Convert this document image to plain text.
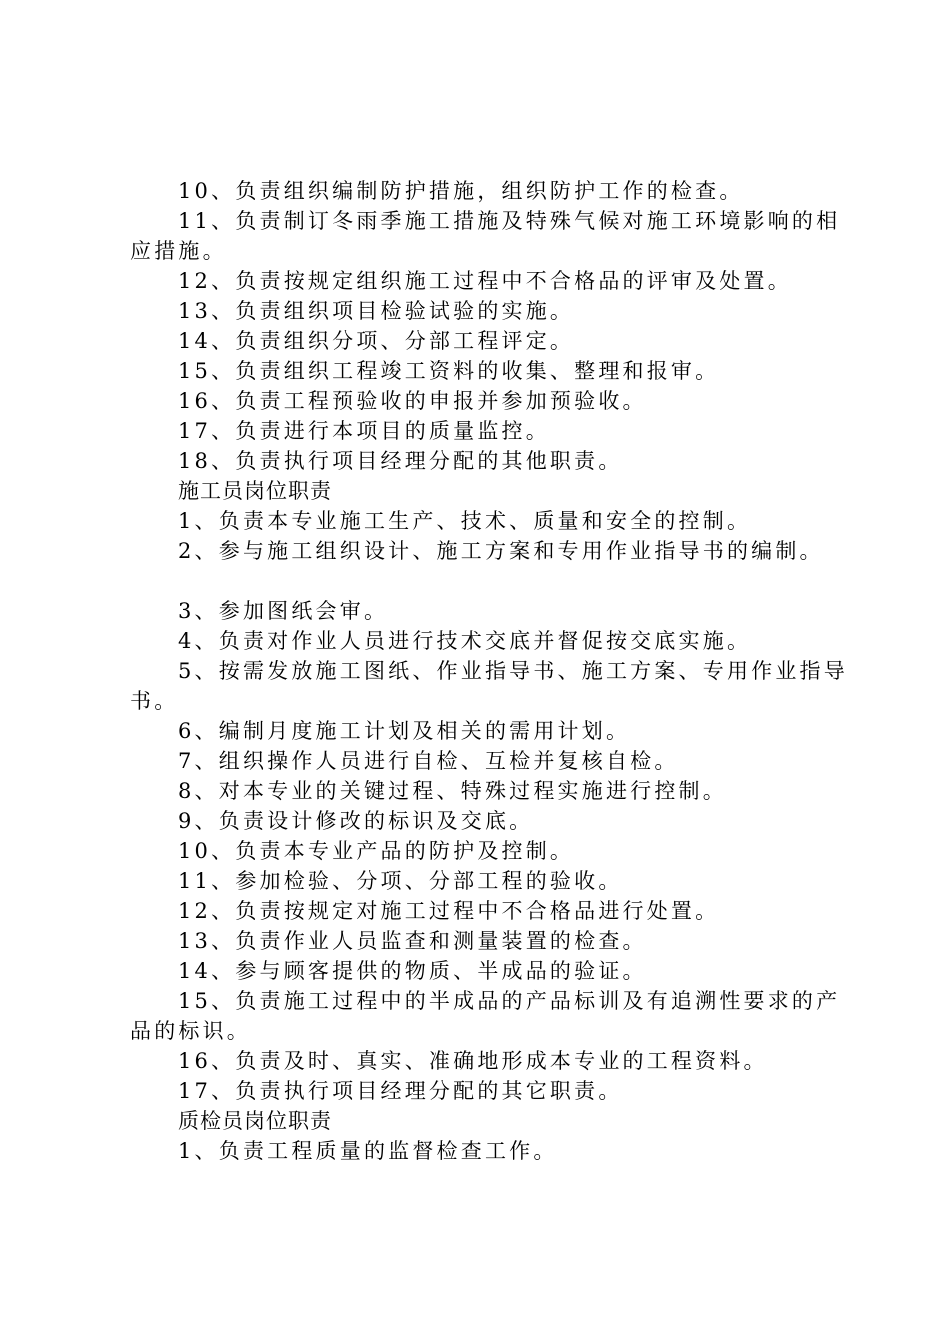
10、负责组织编制防护措施，组织防护工作的检查。

11、负责制订冬雨季施工措施及特殊气候对施工环境影响的相应措施。

12、负责按规定组织施工过程中不合格品的评审及处置。

13、负责组织项目检验试验的实施。

14、负责组织分项、分部工程评定。

15、负责组织工程竣工资料的收集、整理和报审。

16、负责工程预验收的申报并参加预验收。

17、负责进行本项目的质量监控。

18、负责执行项目经理分配的其他职责。

施工员岗位职责

1、负责本专业施工生产、技术、质量和安全的控制。

2、参与施工组织设计、施工方案和专用作业指导书的编制。

3、参加图纸会审。

4、负责对作业人员进行技术交底并督促按交底实施。

5、按需发放施工图纸、作业指导书、施工方案、专用作业指导书。

6、编制月度施工计划及相关的需用计划。

7、组织操作人员进行自检、互检并复核自检。

8、对本专业的关键过程、特殊过程实施进行控制。

9、负责设计修改的标识及交底。

10、负责本专业产品的防护及控制。

11、参加检验、分项、分部工程的验收。

12、负责按规定对施工过程中不合格品进行处置。

13、负责作业人员监查和测量装置的检查。

14、参与顾客提供的物质、半成品的验证。

15、负责施工过程中的半成品的产品标训及有追溯性要求的产品的标识。

16、负责及时、真实、准确地形成本专业的工程资料。

17、负责执行项目经理分配的其它职责。

质检员岗位职责

1、负责工程质量的监督检查工作。
